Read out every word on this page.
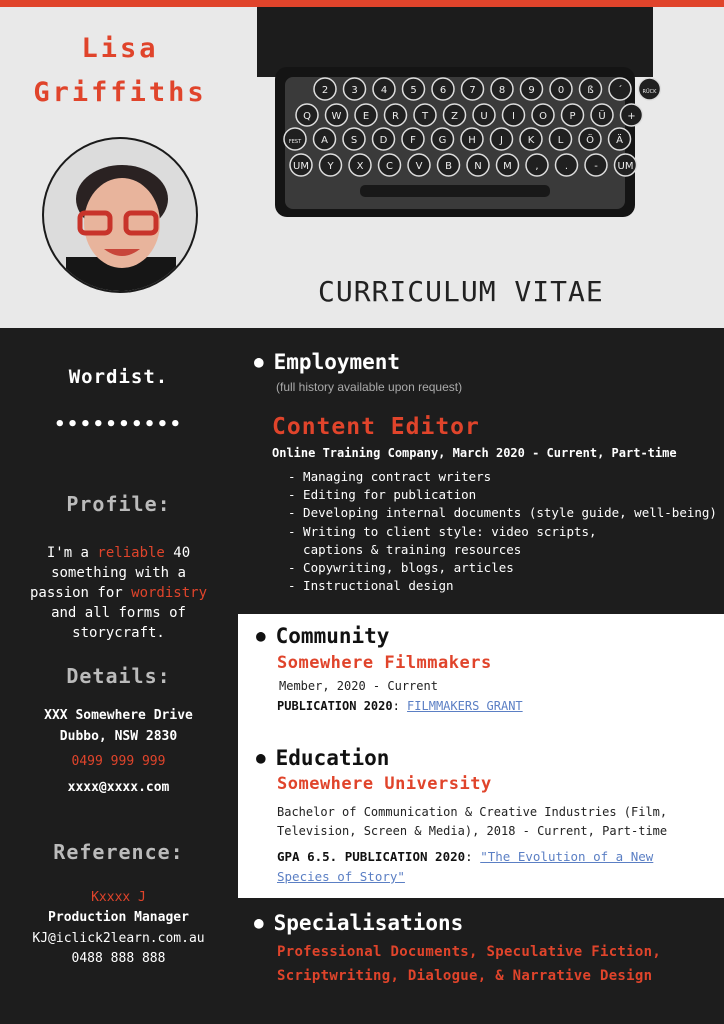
Lisa
Griffiths	2 3 4 5 6 7 8 9 0 ß ´	RÜCK
Q W E R T Z U I O P Ü +
FEST A S D F G H J K L Ö Ä
UM Y X C V B N M ,	.	- UM
CURRICULUM VITAE
Wordist.
••••••••••
Profile:
I'm a reliable 40 something with a passion for wordistry and all forms of storycraft.
Details:
XXX Somewhere Drive
Dubbo, NSW 2830
0499 999 999
xxxx@xxxx.com
Reference:
Kxxxx J
Production Manager
KJ@iclick2learn.com.au
0488 888 888
● Employment
(full history available upon request)
Content Editor
Online Training Company, March 2020 - Current, Part-time
- Managing contract writers
- Editing for publication
- Developing internal documents (style guide, well-being)
- Writing to client style: video scripts,
captions & training resources
- Copywriting, blogs, articles
- Instructional design
● Community
Somewhere Filmmakers
Member, 2020 - Current
PUBLICATION 2020: FILMMAKERS GRANT
● Education
Somewhere University
Bachelor of Communication & Creative Industries (Film, Television, Screen & Media), 2018 - Current, Part-time
GPA 6.5. PUBLICATION 2020: "The Evolution of a New Species of Story"
● Specialisations
Professional Documents, Speculative Fiction, Scriptwriting, Dialogue, & Narrative Design
